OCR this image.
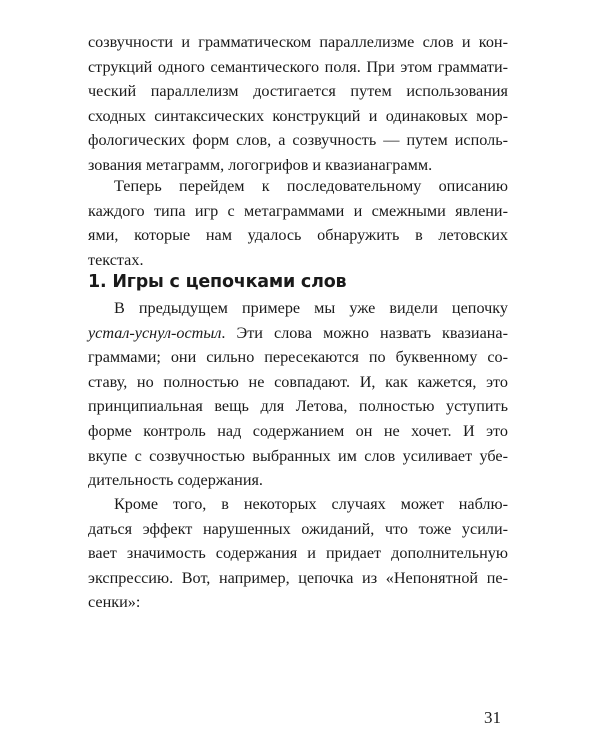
созвучности и грамматическом параллелизме слов и кон-
струкций одного семантического поля. При этом граммати-
ческий параллелизм достигается путем использования
сходных синтаксических конструкций и одинаковых мор-
фологических форм слов, а созвучность — путем исполь-
зования метаграмм, логогрифов и квазианаграмм.
Теперь перейдем к последовательному описанию
каждого типа игр с метаграммами и смежными явлени-
ями, которые нам удалось обнаружить в летовских
текстах.
1. Игры с цепочками слов
В предыдущем примере мы уже видели цепочку
устал-уснул-остыл. Эти слова можно назвать квазиана-
граммами; они сильно пересекаются по буквенному со-
ставу, но полностью не совпадают. И, как кажется, это
принципиальная вещь для Летова, полностью уступить
форме контроль над содержанием он не хочет. И это
вкупе с созвучностью выбранных им слов усиливает убе-
дительность содержания.
Кроме того, в некоторых случаях может наблю-
даться эффект нарушенных ожиданий, что тоже усили-
вает значимость содержания и придает дополнительную
экспрессию. Вот, например, цепочка из «Непонятной пе-
сенки»:
31
